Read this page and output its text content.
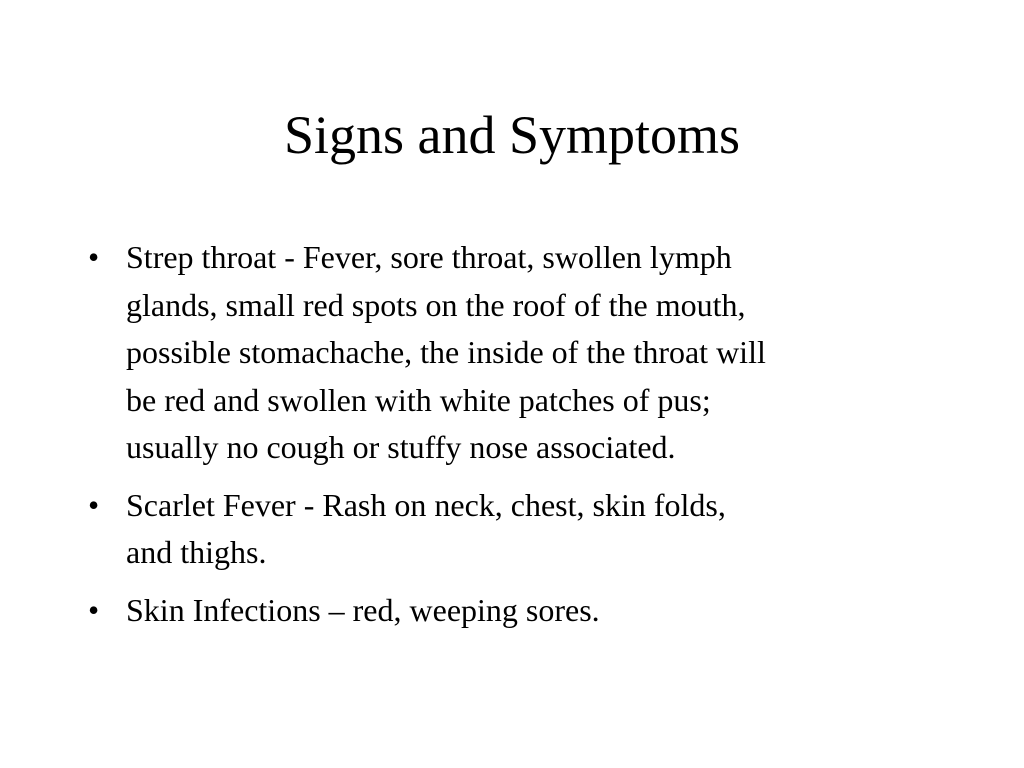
Signs and Symptoms
• Strep throat - Fever, sore throat, swollen lymph
glands, small red spots on the roof of the mouth,
possible stomachache, the inside of the throat will
be red and swollen with white patches of pus;
usually no cough or stuffy nose associated.
• Scarlet Fever - Rash on neck, chest, skin folds,
and thighs.
• Skin Infections – red, weeping sores.
